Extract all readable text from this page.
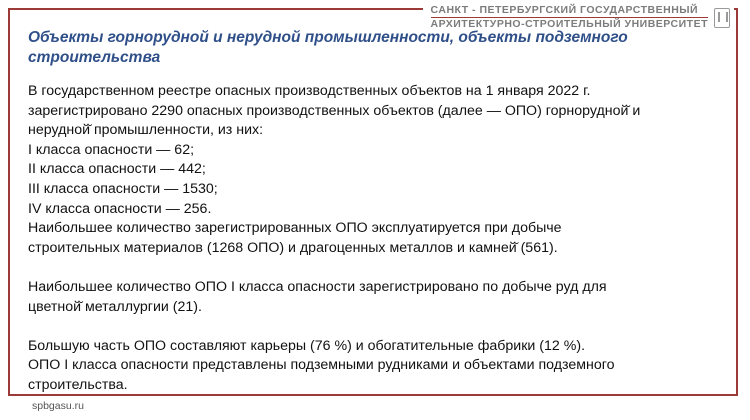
САНКТ - ПЕТЕРБУРГСКИЙ ГОСУДАРСТВЕННЫЙ
АРХИТЕКТУРНО-СТРОИТЕЛЬНЫЙ УНИВЕРСИТЕТ
Объекты горнорудной и нерудной промышленности, объекты подземного строительства

В государственном реестре опасных производственных объектов на 1 января 2022 г.

зарегистрировано 2290 опасных производственных объектов (далее — ОПО) горнорудной̆ и

нерудной̆ промышленности, из них:

I класса опасности — 62;

II класса опасности — 442;

III класса опасности — 1530;

IV класса опасности — 256.

Наибольшее количество зарегистрированных ОПО эксплуатируется при добыче

строительных материалов (1268 ОПО) и драгоценных металлов и камней̆ (561).

Наибольшее количество ОПО I класса опасности зарегистрировано по добыче руд для

цветной̆ металлургии (21).

Большую часть ОПО составляют карьеры (76 %) и обогатительные фабрики (12 %).

ОПО I класса опасности представлены подземными рудниками и объектами подземного

строительства.

spbgasu.ru
